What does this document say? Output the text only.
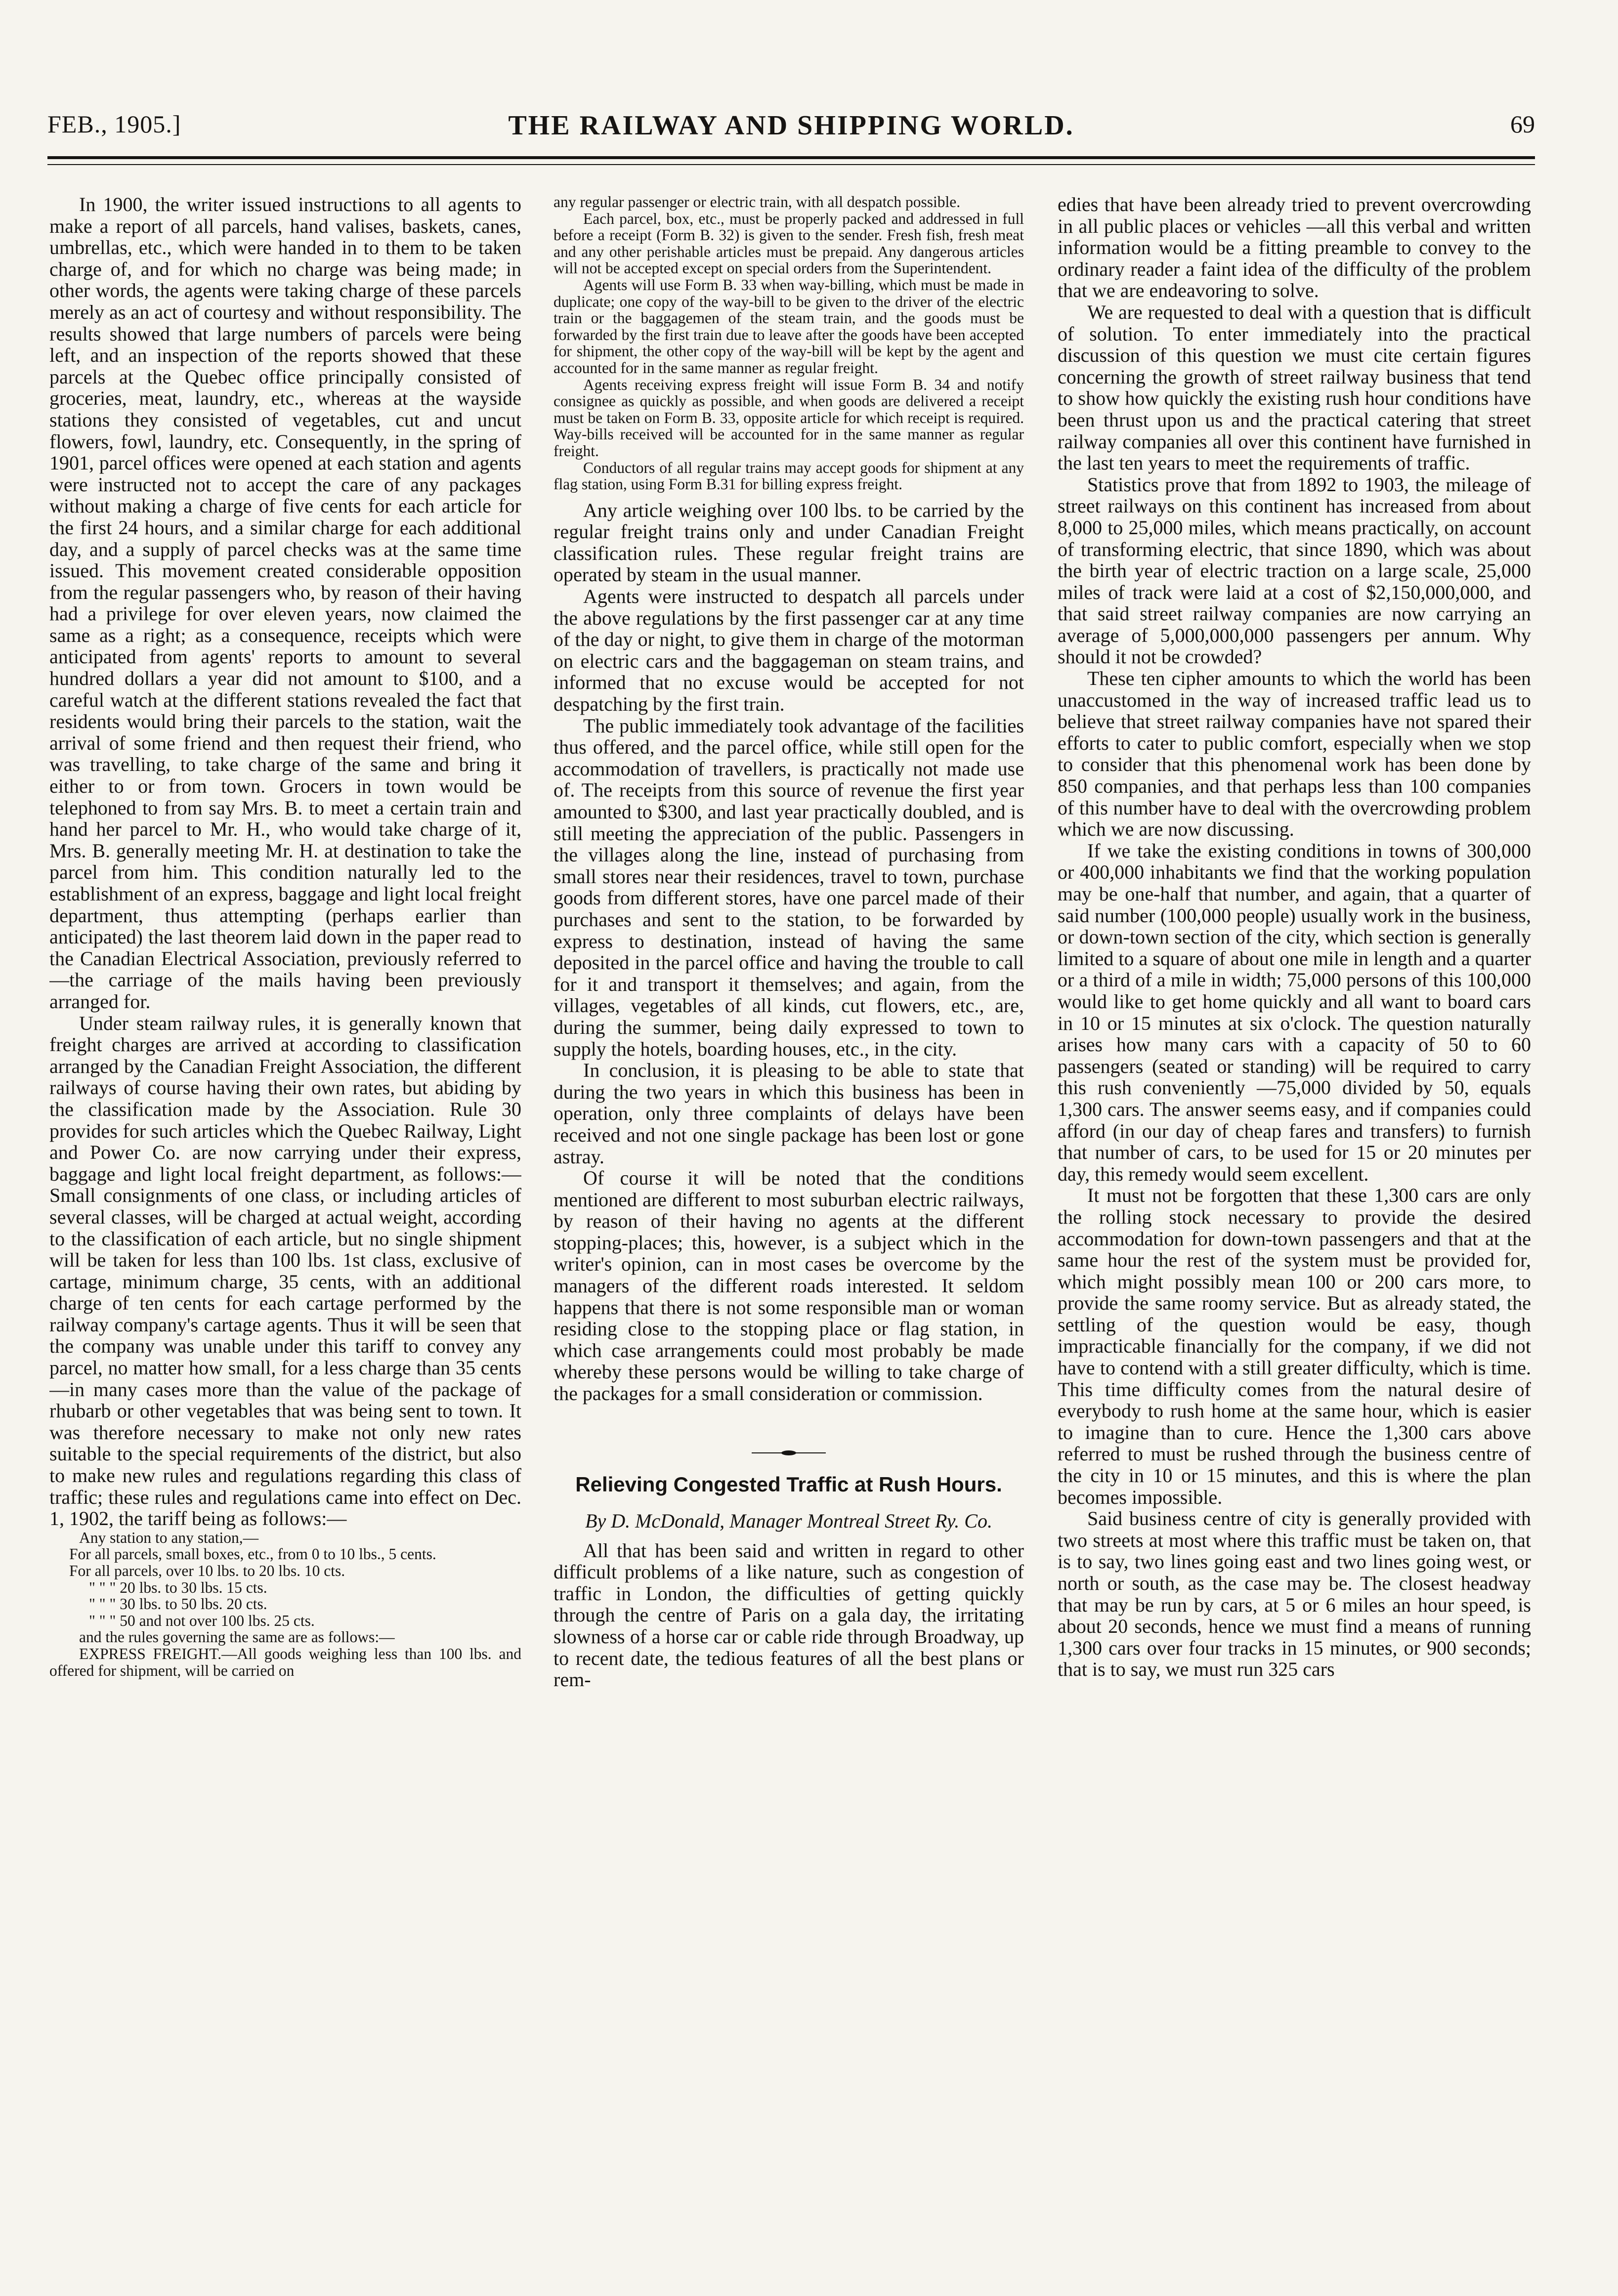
FEB., 1905.]	THE RAILWAY AND SHIPPING WORLD.	69

In 1900, the writer issued instructions to all agents to make a report of all parcels, hand valises, baskets, canes, umbrellas, etc., which were handed in to them to be taken charge of, and for which no charge was being made; in other words, the agents were taking charge of these parcels merely as an act of courtesy and without responsibility. The results showed that large numbers of parcels were being left, and an inspection of the reports showed that these parcels at the Quebec office principally consisted of groceries, meat, laundry, etc., whereas at the wayside stations they consisted of vegetables, cut and uncut flowers, fowl, laundry, etc. Consequently, in the spring of 1901, parcel offices were opened at each station and agents were instructed not to accept the care of any packages without making a charge of five cents for each article for the first 24 hours, and a similar charge for each additional day, and a supply of parcel checks was at the same time issued. This movement created considerable opposition from the regular passengers who, by reason of their having had a privilege for over eleven years, now claimed the same as a right; as a consequence, receipts which were anticipated from agents' reports to amount to several hundred dollars a year did not amount to $100, and a careful watch at the different stations revealed the fact that residents would bring their parcels to the station, wait the arrival of some friend and then request their friend, who was travelling, to take charge of the same and bring it either to or from town. Grocers in town would be telephoned to from say Mrs. B. to meet a certain train and hand her parcel to Mr. H., who would take charge of it, Mrs. B. generally meeting Mr. H. at destination to take the parcel from him. This condition naturally led to the establishment of an express, baggage and light local freight department, thus attempting (perhaps earlier than anticipated) the last theorem laid down in the paper read to the Canadian Electrical Association, previously referred to—the carriage of the mails having been previously arranged for.

Under steam railway rules, it is generally known that freight charges are arrived at according to classification arranged by the Canadian Freight Association, the different railways of course having their own rates, but abiding by the classification made by the Association. Rule 30 provides for such articles which the Quebec Railway, Light and Power Co. are now carrying under their express, baggage and light local freight department, as follows:—Small consignments of one class, or including articles of several classes, will be charged at actual weight, according to the classification of each article, but no single shipment will be taken for less than 100 lbs. 1st class, exclusive of cartage, minimum charge, 35 cents, with an additional charge of ten cents for each cartage performed by the railway company's cartage agents. Thus it will be seen that the company was unable under this tariff to convey any parcel, no matter how small, for a less charge than 35 cents—in many cases more than the value of the package of rhubarb or other vegetables that was being sent to town. It was therefore necessary to make not only new rates suitable to the special requirements of the district, but also to make new rules and regulations regarding this class of traffic; these rules and regulations came into effect on Dec. 1, 1902, the tariff being as follows:—

Any station to any station,—

For all parcels, small boxes, etc., from 0 to 10 lbs., 5 cents.

For all parcels, over 10 lbs. to 20 lbs. 10 cts.

" " " 20 lbs. to 30 lbs. 15 cts.

" " " 30 lbs. to 50 lbs. 20 cts.

" " " 50 and not over 100 lbs. 25 cts.

and the rules governing the same are as follows:—

EXPRESS FREIGHT.—All goods weighing less than 100 lbs. and offered for shipment, will be carried on

any regular passenger or electric train, with all despatch possible.

Each parcel, box, etc., must be properly packed and addressed in full before a receipt (Form B. 32) is given to the sender. Fresh fish, fresh meat and any other perishable articles must be prepaid. Any dangerous articles will not be accepted except on special orders from the Superintendent.

Agents will use Form B. 33 when way-billing, which must be made in duplicate; one copy of the way-bill to be given to the driver of the electric train or the baggagemen of the steam train, and the goods must be forwarded by the first train due to leave after the goods have been accepted for shipment, the other copy of the way-bill will be kept by the agent and accounted for in the same manner as regular freight.

Agents receiving express freight will issue Form B. 34 and notify consignee as quickly as possible, and when goods are delivered a receipt must be taken on Form B. 33, opposite article for which receipt is required. Way-bills received will be accounted for in the same manner as regular freight.

Conductors of all regular trains may accept goods for shipment at any flag station, using Form B.31 for billing express freight.

Any article weighing over 100 lbs. to be carried by the regular freight trains only and under Canadian Freight classification rules. These regular freight trains are operated by steam in the usual manner.

Agents were instructed to despatch all parcels under the above regulations by the first passenger car at any time of the day or night, to give them in charge of the motorman on electric cars and the baggageman on steam trains, and informed that no excuse would be accepted for not despatching by the first train.

The public immediately took advantage of the facilities thus offered, and the parcel office, while still open for the accommodation of travellers, is practically not made use of. The receipts from this source of revenue the first year amounted to $300, and last year practically doubled, and is still meeting the appreciation of the public. Passengers in the villages along the line, instead of purchasing from small stores near their residences, travel to town, purchase goods from different stores, have one parcel made of their purchases and sent to the station, to be forwarded by express to destination, instead of having the same deposited in the parcel office and having the trouble to call for it and transport it themselves; and again, from the villages, vegetables of all kinds, cut flowers, etc., are, during the summer, being daily expressed to town to supply the hotels, boarding houses, etc., in the city.

In conclusion, it is pleasing to be able to state that during the two years in which this business has been in operation, only three complaints of delays have been received and not one single package has been lost or gone astray.

Of course it will be noted that the conditions mentioned are different to most suburban electric railways, by reason of their having no agents at the different stopping-places; this, however, is a subject which in the writer's opinion, can in most cases be overcome by the managers of the different roads interested. It seldom happens that there is not some responsible man or woman residing close to the stopping place or flag station, in which case arrangements could most probably be made whereby these persons would be willing to take charge of the packages for a small consideration or commission.

Relieving Congested Traffic at Rush Hours.
By D. McDonald, Manager Montreal Street Ry. Co.

All that has been said and written in regard to other difficult problems of a like nature, such as congestion of traffic in London, the difficulties of getting quickly through the centre of Paris on a gala day, the irritating slowness of a horse car or cable ride through Broadway, up to recent date, the tedious features of all the best plans or rem-

edies that have been already tried to prevent overcrowding in all public places or vehicles —all this verbal and written information would be a fitting preamble to convey to the ordinary reader a faint idea of the difficulty of the problem that we are endeavoring to solve.

We are requested to deal with a question that is difficult of solution. To enter immediately into the practical discussion of this question we must cite certain figures concerning the growth of street railway business that tend to show how quickly the existing rush hour conditions have been thrust upon us and the practical catering that street railway companies all over this continent have furnished in the last ten years to meet the requirements of traffic.

Statistics prove that from 1892 to 1903, the mileage of street railways on this continent has increased from about 8,000 to 25,000 miles, which means practically, on account of transforming electric, that since 1890, which was about the birth year of electric traction on a large scale, 25,000 miles of track were laid at a cost of $2,150,000,000, and that said street railway companies are now carrying an average of 5,000,000,000 passengers per annum. Why should it not be crowded?

These ten cipher amounts to which the world has been unaccustomed in the way of increased traffic lead us to believe that street railway companies have not spared their efforts to cater to public comfort, especially when we stop to consider that this phenomenal work has been done by 850 companies, and that perhaps less than 100 companies of this number have to deal with the overcrowding problem which we are now discussing.

If we take the existing conditions in towns of 300,000 or 400,000 inhabitants we find that the working population may be one-half that number, and again, that a quarter of said number (100,000 people) usually work in the business, or down-town section of the city, which section is generally limited to a square of about one mile in length and a quarter or a third of a mile in width; 75,000 persons of this 100,000 would like to get home quickly and all want to board cars in 10 or 15 minutes at six o'clock. The question naturally arises how many cars with a capacity of 50 to 60 passengers (seated or standing) will be required to carry this rush conveniently —75,000 divided by 50, equals 1,300 cars. The answer seems easy, and if companies could afford (in our day of cheap fares and transfers) to furnish that number of cars, to be used for 15 or 20 minutes per day, this remedy would seem excellent.

It must not be forgotten that these 1,300 cars are only the rolling stock necessary to provide the desired accommodation for down-town passengers and that at the same hour the rest of the system must be provided for, which might possibly mean 100 or 200 cars more, to provide the same roomy service. But as already stated, the settling of the question would be easy, though impracticable financially for the company, if we did not have to contend with a still greater difficulty, which is time. This time difficulty comes from the natural desire of everybody to rush home at the same hour, which is easier to imagine than to cure. Hence the 1,300 cars above referred to must be rushed through the business centre of the city in 10 or 15 minutes, and this is where the plan becomes impossible.

Said business centre of city is generally provided with two streets at most where this traffic must be taken on, that is to say, two lines going east and two lines going west, or north or south, as the case may be. The closest headway that may be run by cars, at 5 or 6 miles an hour speed, is about 20 seconds, hence we must find a means of running 1,300 cars over four tracks in 15 minutes, or 900 seconds; that is to say, we must run 325 cars
